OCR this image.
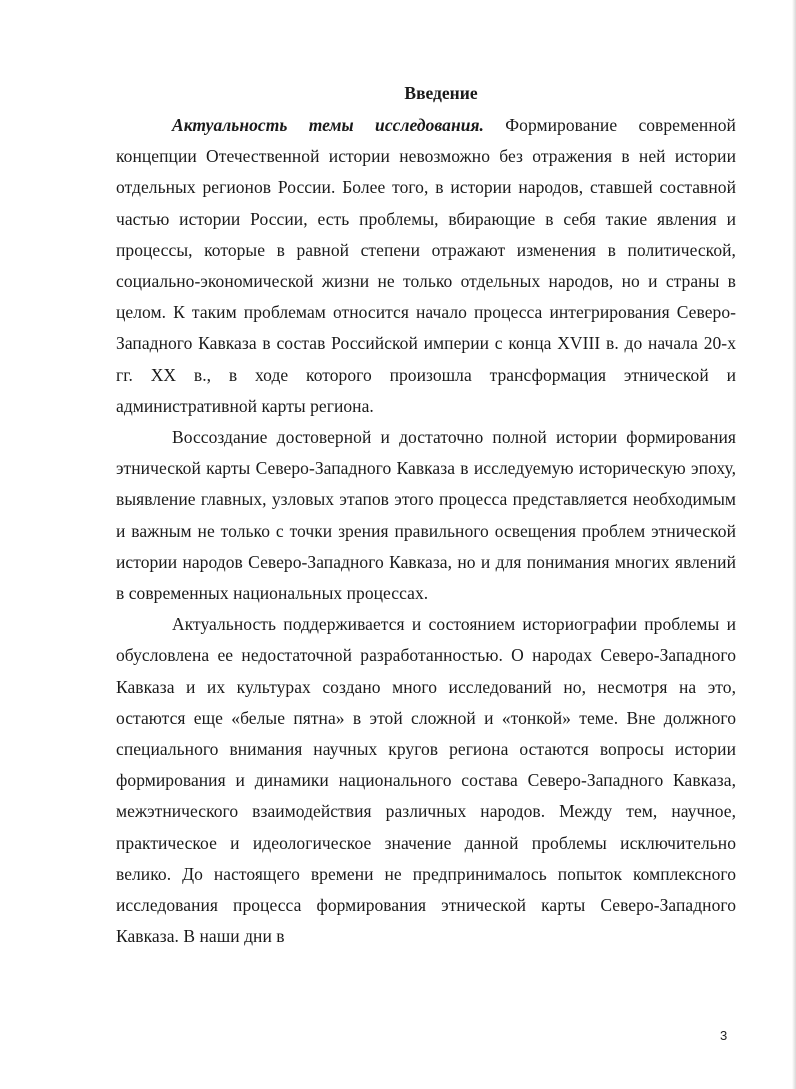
Введение

Актуальность темы исследования. Формирование современной концепции Отечественной истории невозможно без отражения в ней истории отдельных регионов России. Более того, в истории народов, ставшей составной частью истории России, есть проблемы, вбирающие в себя такие явления и процессы, которые в равной степени отражают изменения в политической, социально-экономической жизни не только отдельных народов, но и страны в целом. К таким проблемам относится начало процесса интегрирования Северо-Западного Кавказа в состав Российской империи с конца XVIII в. до начала 20-х гг. XX в., в ходе которого произошла трансформация этнической и административной карты региона.

Воссоздание достоверной и достаточно полной истории формирования этнической карты Северо-Западного Кавказа в исследуемую историческую эпоху, выявление главных, узловых этапов этого процесса представляется необходимым и важным не только с точки зрения правильного освещения проблем этнической истории народов Северо-Западного Кавказа, но и для понимания многих явлений в современных национальных процессах.

Актуальность поддерживается и состоянием историографии проблемы и обусловлена ее недостаточной разработанностью. О народах Северо-Западного Кавказа и их культурах создано много исследований но, несмотря на это, остаются еще «белые пятна» в этой сложной и «тонкой» теме. Вне должного специального внимания научных кругов региона остаются вопросы истории формирования и динамики национального состава Северо-Западного Кавказа, межэтнического взаимодействия различных народов. Между тем, научное, практическое и идеологическое значение данной проблемы исключительно велико. До настоящего времени не предпринималось попыток комплексного исследования процесса формирования этнической карты Северо-Западного Кавказа. В наши дни в

3
